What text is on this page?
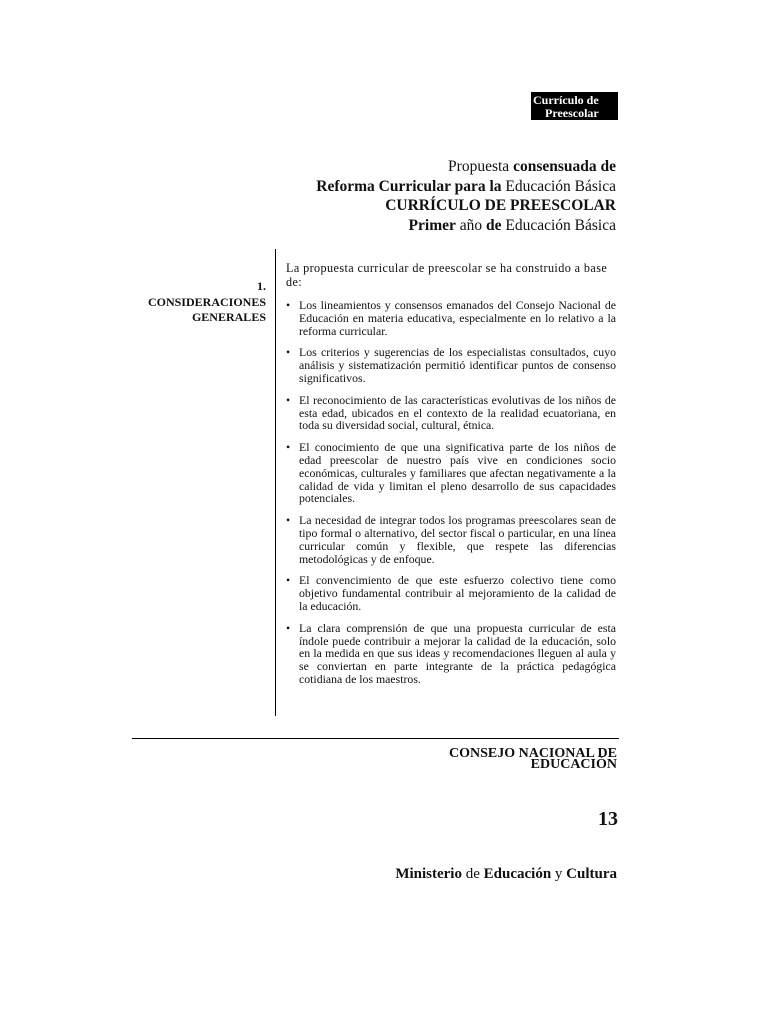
Currículo de
Preescolar
Propuesta consensuada de
Reforma Curricular para la Educación Básica
CURRÍCULO DE PREESCOLAR
Primer año de Educación Básica
1.
CONSIDERACIONES
GENERALES

La propuesta curricular de preescolar se ha construido a base de:

• Los lineamientos y consensos emanados del Consejo Nacional de Educación en materia educativa, especialmente en lo relativo a la reforma curricular.
• Los criterios y sugerencias de los especialistas consultados, cuyo análisis y sistematización permitió identificar puntos de consenso significativos.
• El reconocimiento de las características evolutivas de los niños de esta edad, ubicados en el contexto de la realidad ecuatoriana, en toda su diversidad social, cultural, étnica.
• El conocimiento de que una significativa parte de los niños de edad preescolar de nuestro país vive en condiciones socio económicas, culturales y familiares que afectan negativamente a la calidad de vida y limitan el pleno desarrollo de sus capacidades potenciales.
• La necesidad de integrar todos los programas preescolares sean de tipo formal o alternativo, del sector fiscal o particular, en una línea curricular común y flexible, que respete las diferencias metodológicas y de enfoque.
• El convencimiento de que este esfuerzo colectivo tiene como objetivo fundamental contribuir al mejoramiento de la calidad de la educación.
• La clara comprensión de que una propuesta curricular de esta índole puede contribuir a mejorar la calidad de la educación, solo en la medida en que sus ideas y recomendaciones lleguen al aula y se conviertan en parte integrante de la práctica pedagógica cotidiana de los maestros.
CONSEJO NACIONAL DE
EDUCACIÓN
13
Ministerio de Educación y Cultura
